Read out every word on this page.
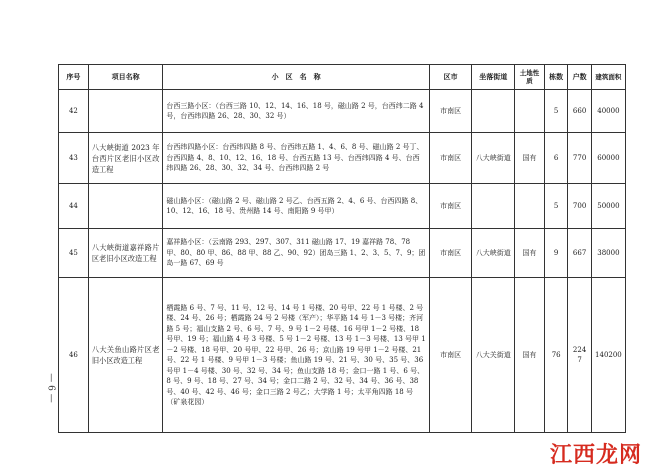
序号	项目名称	小　区　名　称	区市	坐落街道	土地性质	栋数	户数	建筑面积
42		台西三路小区：（台西三路 10、12、14、16、18 号，磁山路 2 号，台西纬二路 4 号，台西纬四路 26、28、30、32 号）	市南区			5	660	40000
43	八大峡街道 2023 年台西片区老旧小区改造工程	台西纬四路小区：台西纬四路 8 号、台西纬五路 1、4、6、8 号、磁山路 2 号丁、台西四路 4、8、10、12、16、18 号、台西五路 13 号、台西纬四路 4 号、台西纬四路 26、28、30、32、34 号、台西纬四路 2 号	市南区	八大峡街道	国有	6	770	60000
44		磁山路小区：（磁山路 2 号、磁山路 2 号乙、台西五路 2、4、6 号、台西四路 8、10、12、16、18 号、贵州路 14 号、南阳路 9 号甲）	市南区			5	700	50000
45	八大峡街道嘉祥路片区老旧小区改造工程	嘉祥路小区：（云南路 293、297、307、311 磁山路 17、19 嘉祥路 78、78 甲、80、80 甲、86、88 甲、88 乙、90、92）团岛三路 1、2、3、5、7、9；团岛一路 67、69 号	市南区	八大峡街道	国有	9	667	38000
46	八大关鱼山路片区老旧小区改造工程	栖霞路 6 号、7 号、11 号、12 号、14 号 1 号楼、20 号甲、22 号 1 号楼、2 号楼、24 号、26 号；栖霞路 24 号 2 号楼（军产）；华平路 14 号 1－3 号楼；齐河路 5 号；福山支路 2 号、6 号、7 号、9 号 1－2 号楼、16 号甲 1－2 号楼、18 号甲、19 号；福山路 4 号 3 号楼、5 号 1－2 号楼、13 号 1－3 号楼、13 号甲 1－2 号楼、18 号甲、20 号甲、22 号甲、26 号；京山路 19 号甲 1－2 号楼、21 号、22 号 1 号楼、9 号甲 1－3 号楼；鱼山路 19 号、21 号、30 号、35 号、36 号甲 1－4 号楼、30 号、32 号、34 号；鱼山支路 18 号；金口一路 1 号、6 号、8 号、9 号、18 号、27 号、34 号；金口二路 2 号、32 号、34 号、36 号、38 号、40 号、42 号、46 号；金口三路 2 号乙；大学路 1 号；太平角四路 18 号（矿泉花园）	市南区	八大关街道	国有	76	2247	140200
— 6 —
江西龙网
